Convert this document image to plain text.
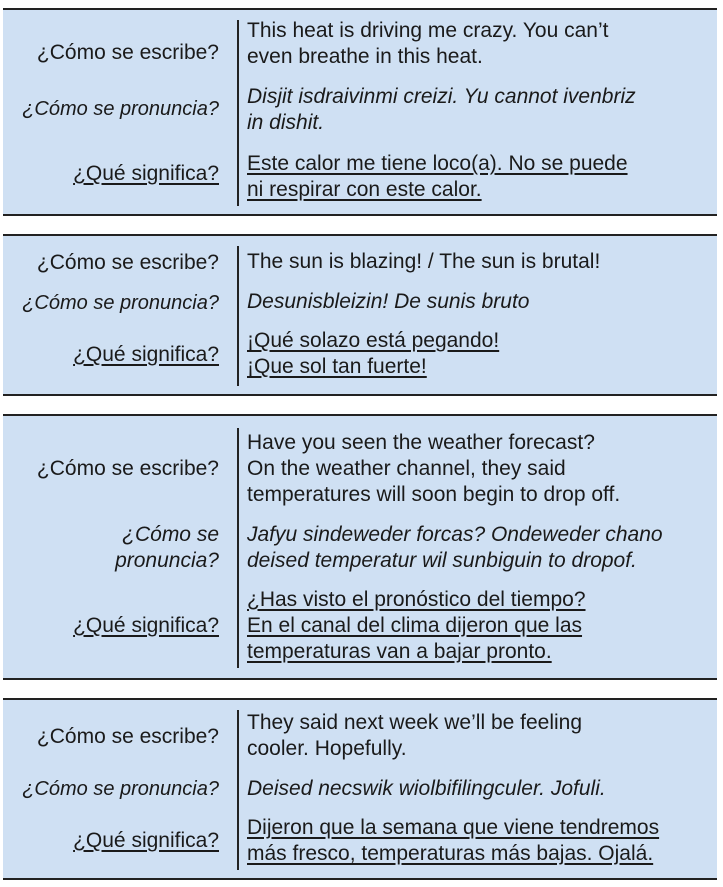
¿Cómo se escribe?
This heat is driving me crazy. You can’t
even breathe in this heat.
¿Cómo se pronuncia?
Disjit isdraivinmi creizi. Yu cannot ivenbriz
in dishit.
¿Qué significa? Este calor me tiene loco(a). No se puede
ni respirar con este calor.
¿Cómo se escribe? The sun is blazing! / The sun is brutal!
¿Cómo se pronuncia? Desunisbleizin! De sunis bruto
¿Qué significa?
¡Qué solazo está pegando!
¡Que sol tan fuerte!
¿Cómo se escribe?
Have you seen the weather forecast?
On the weather channel, they said
temperatures will soon begin to drop off.
¿Cómo se
pronuncia?
Jafyu sindeweder forcas? Ondeweder chano
deised temperatur wil sunbiguin to dropof.
¿Qué significa?
¿Has visto el pronóstico del tiempo?
En el canal del clima dijeron que las
temperaturas van a bajar pronto.
¿Cómo se escribe?
They said next week we’ll be feeling
cooler. Hopefully.
¿Cómo se pronuncia? Deised necswik wiolbifilingculer. Jofuli.
¿Qué significa?
Dijeron que la semana que viene tendremos
más fresco, temperaturas más bajas. Ojalá.
